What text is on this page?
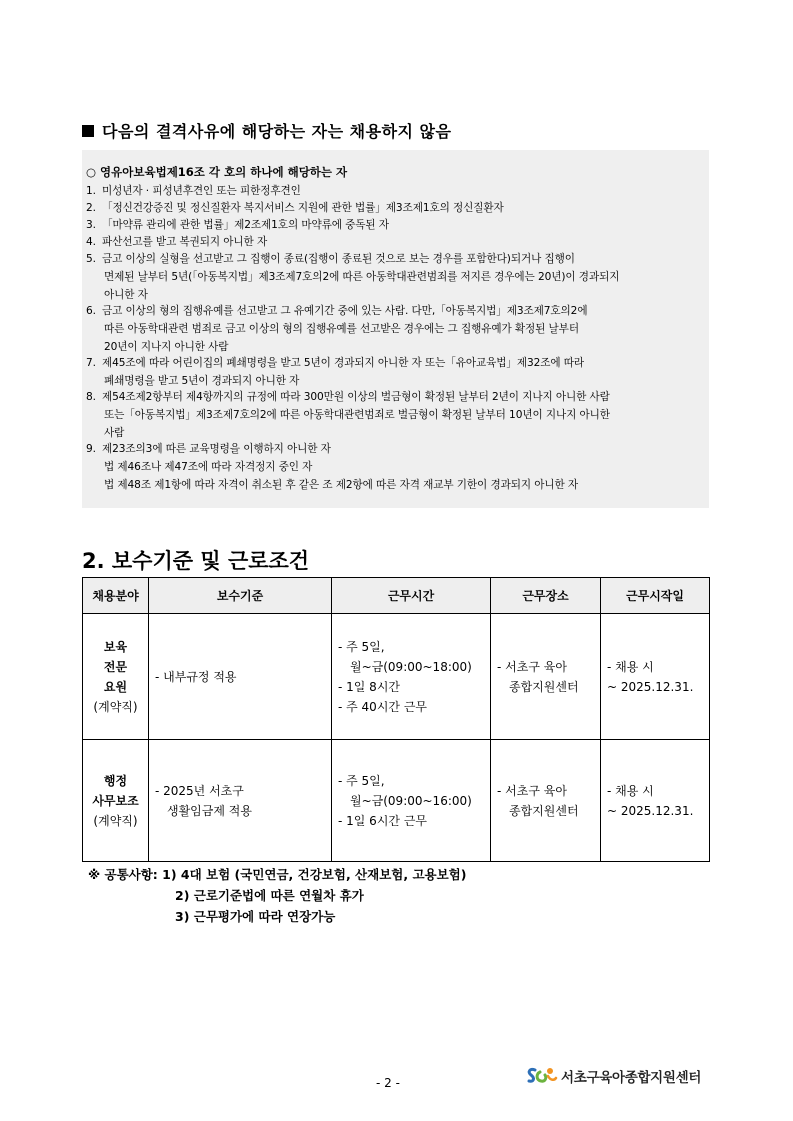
다음의 결격사유에 해당하는 자는 채용하지 않음
○ 영유아보육법제16조 각 호의 하나에 해당하는 자
1. 미성년자 · 피성년후견인 또는 피한정후견인
2. 「정신건강증진 및 정신질환자 복지서비스 지원에 관한 법률」제3조제1호의 정신질환자
3. 「마약류 관리에 관한 법률」제2조제1호의 마약류에 중독된 자
4. 파산선고를 받고 복권되지 아니한 자
5. 금고 이상의 실형을 선고받고 그 집행이 종료(집행이 종료된 것으로 보는 경우를 포함한다)되거나 집행이
면제된 날부터 5년(「아동복지법」제3조제7호의2에 따른 아동학대관련범죄를 저지른 경우에는 20년)이 경과되지
아니한 자
6. 금고 이상의 형의 집행유예를 선고받고 그 유예기간 중에 있는 사람. 다만,「아동복지법」제3조제7호의2에
따른 아동학대관련 범죄로 금고 이상의 형의 집행유예를 선고받은 경우에는 그 집행유예가 확정된 날부터
20년이 지나지 아니한 사람
7. 제45조에 따라 어린이집의 폐쇄명령을 받고 5년이 경과되지 아니한 자 또는「유아교육법」제32조에 따라
폐쇄명령을 받고 5년이 경과되지 아니한 자
8. 제54조제2항부터 제4항까지의 규정에 따라 300만원 이상의 벌금형이 확정된 날부터 2년이 지나지 아니한 사람
또는「아동복지법」제3조제7호의2에 따른 아동학대관련범죄로 벌금형이 확정된 날부터 10년이 지나지 아니한
사람
9. 제23조의3에 따른 교육명령을 이행하지 아니한 자
법 제46조나 제47조에 따라 자격정지 중인 자
법 제48조 제1항에 따라 자격이 취소된 후 같은 조 제2항에 따른 자격 재교부 기한이 경과되지 아니한 자
2. 보수기준 및 근로조건
채용분야	보수기준	근무시간	근무장소	근무시작일

보육
전문
요원
(계약직)	- 내부규정 적용	- 주 5일,
월~금(09:00~18:00)
- 1일 8시간
- 주 40시간 근무	- 서초구 육아
종합지원센터	- 채용 시
~ 2025.12.31.

행정
사무보조
(계약직)	- 2025년 서초구
생활임금제 적용	- 주 5일,
월~금(09:00~16:00)
- 1일 6시간 근무	- 서초구 육아
종합지원센터	- 채용 시
~ 2025.12.31.
※ 공통사항: 1) 4대 보험 (국민연금, 건강보험, 산재보험, 고용보험)
2) 근로기준법에 따른 연월차 휴가
3) 근무평가에 따라 연장가능
- 2 -	서초구육아종합지원센터
